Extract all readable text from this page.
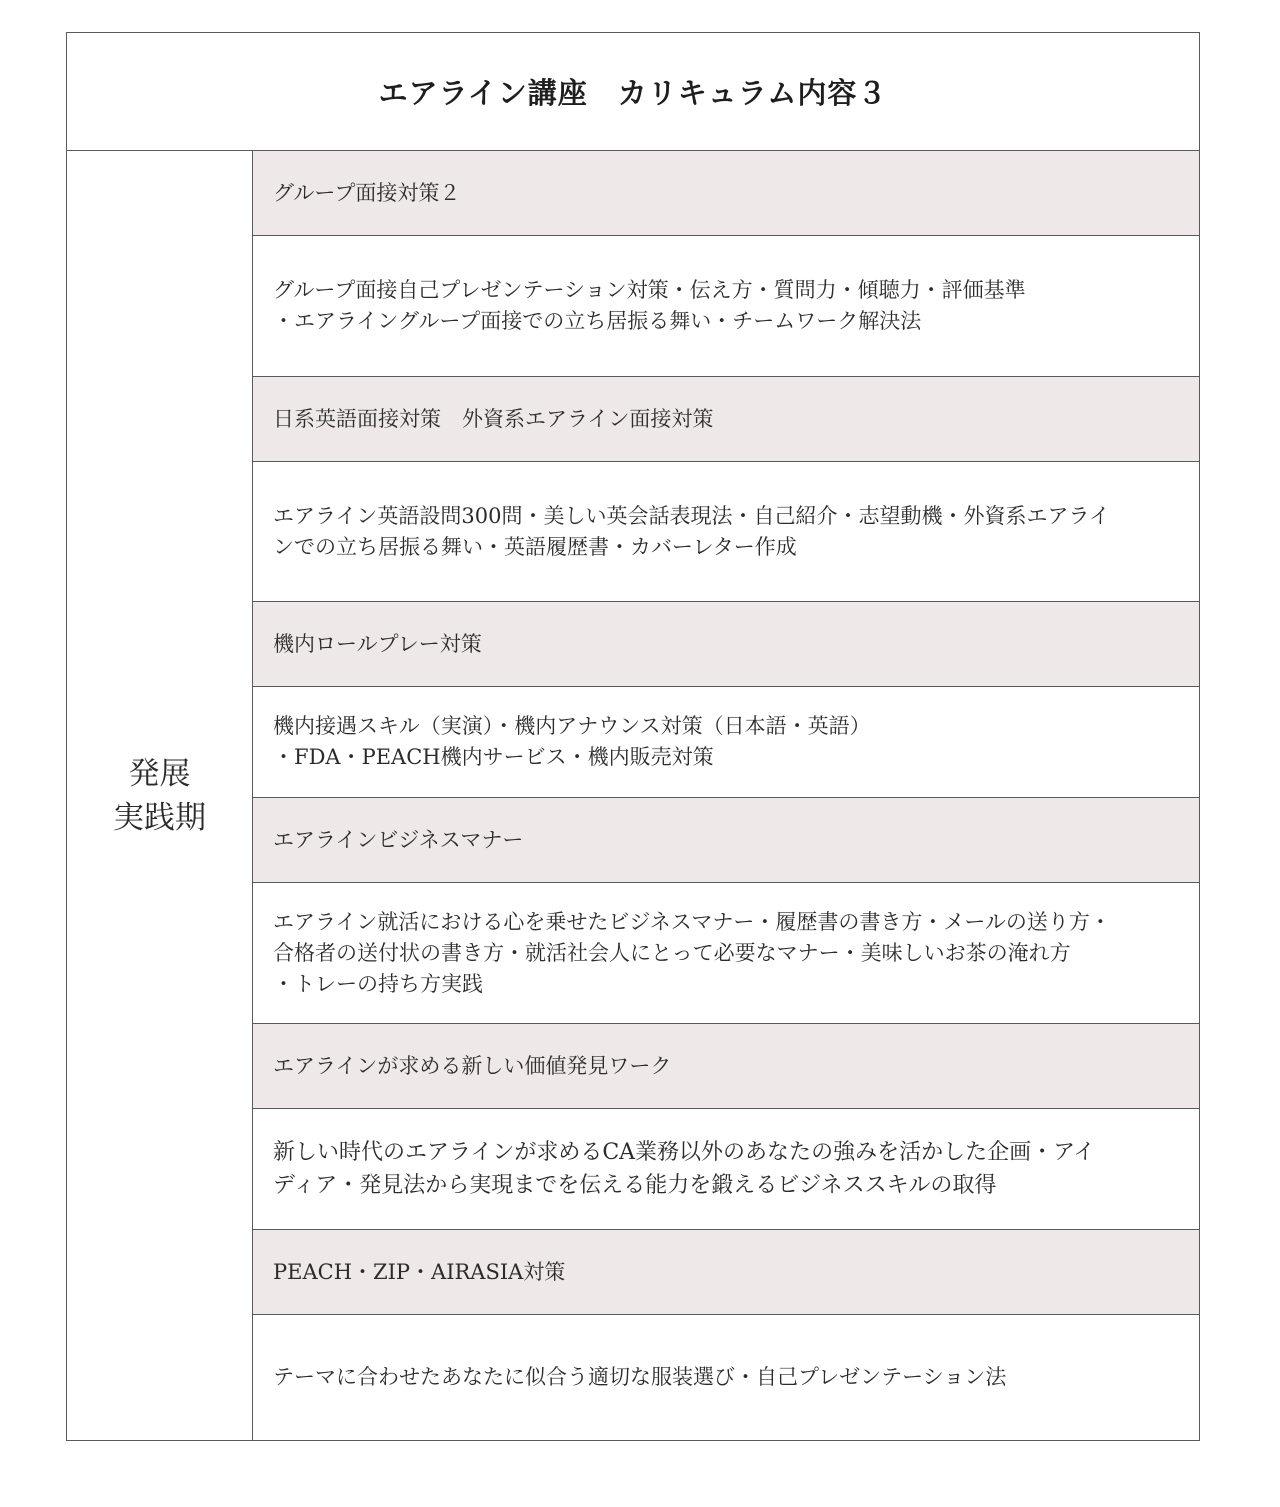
エアライン講座　カリキュラム内容３
発展
実践期
グループ面接対策２
グループ面接自己プレゼンテーション対策・伝え方・質問力・傾聴力・評価基準
・エアライングループ面接での立ち居振る舞い・チームワーク解決法
日系英語面接対策　外資系エアライン面接対策
エアライン英語設問300問・美しい英会話表現法・自己紹介・志望動機・外資系エアライ
ンでの立ち居振る舞い・英語履歴書・カバーレター作成
機内ロールプレー対策
機内接遇スキル（実演）・機内アナウンス対策（日本語・英語）
・FDA・PEACH機内サービス・機内販売対策
エアラインビジネスマナー
エアライン就活における心を乗せたビジネスマナー・履歴書の書き方・メールの送り方・
合格者の送付状の書き方・就活社会人にとって必要なマナー・美味しいお茶の淹れ方
・トレーの持ち方実践
エアラインが求める新しい価値発見ワーク
新しい時代のエアラインが求めるCA業務以外のあなたの強みを活かした企画・アイ
ディア・発見法から実現までを伝える能力を鍛えるビジネススキルの取得
PEACH・ZIP・AIRASIA対策
テーマに合わせたあなたに似合う適切な服装選び・自己プレゼンテーション法
